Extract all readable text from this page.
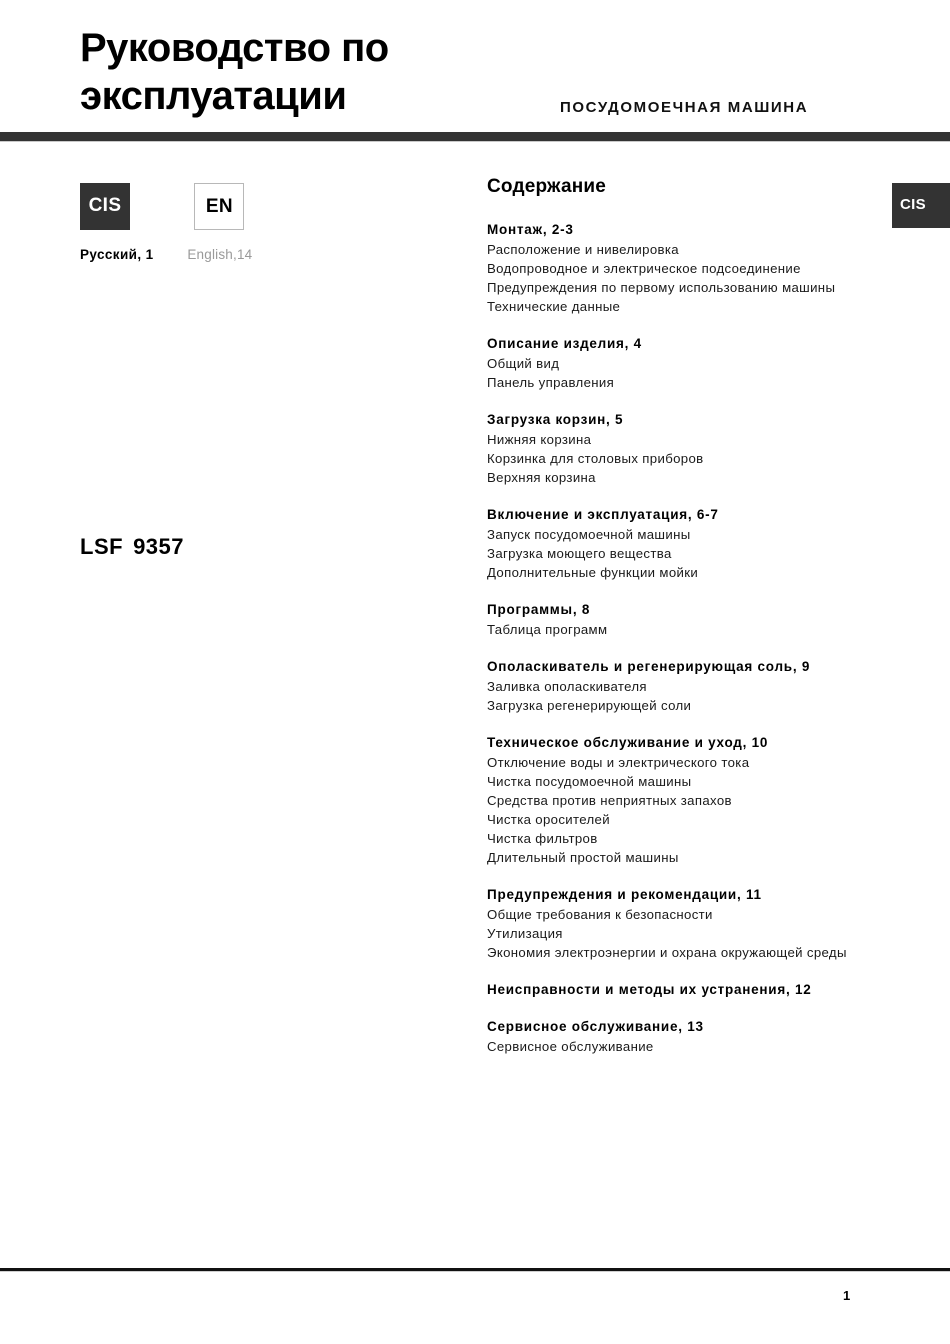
Руководство по
эксплуатации	ПОСУДОМОЕЧНАЯ МАШИНА
CIS
	EN
Русский, 1	English,14
LSF 9357
CIS
Содержание

Монтаж, 2-3

Расположение и нивелировка

Водопроводное и электрическое подсоединение

Предупреждения по первому использованию машины

Технические данные

Описание изделия, 4

Общий вид

Панель управления

Загрузка корзин, 5

Нижняя корзина

Корзинка для столовых приборов

Верхняя корзина

Включение и эксплуатация, 6-7

Запуск посудомоечной машины

Загрузка моющего вещества

Дополнительные функции мойки

Программы, 8

Таблица программ

Ополаскиватель и регенерирующая соль, 9

Заливка ополаскивателя

Загрузка регенерирующей соли

Техническое обслуживание и уход, 10

Отключение воды и электрического тока

Чистка посудомоечной машины

Средства против неприятных запахов

Чистка оросителей

Чистка фильтров

Длительный простой машины

Предупреждения и рекомендации, 11

Общие требования к безопасности

Утилизация

Экономия электроэнергии и охрана окружающей среды

Неисправности и методы их устранения, 12

Сервисное обслуживание, 13

Сервисное обслуживание

1
